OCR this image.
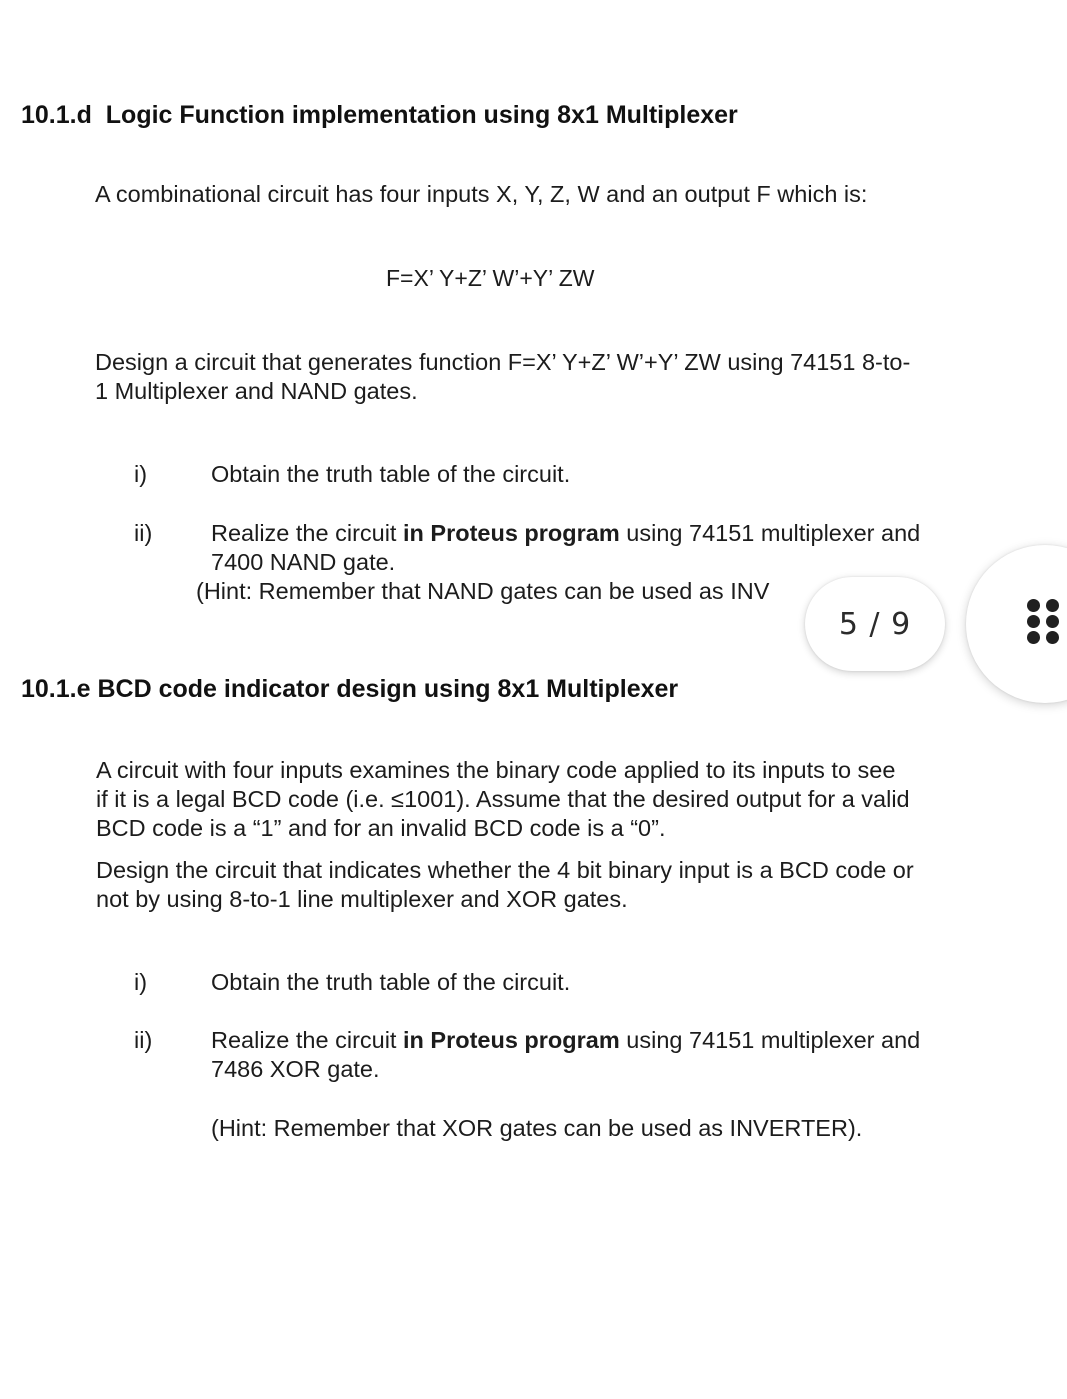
10.1.d Logic Function implementation using 8x1 Multiplexer
A combinational circuit has four inputs X, Y, Z, W and an output F which is:
F=X’ Y+Z’ W’+Y’ ZW
Design a circuit that generates function F=X’ Y+Z’ W’+Y’ ZW using 74151 8-to-
1 Multiplexer and NAND gates.
i)	Obtain the truth table of the circuit.
ii) Realize the circuit in Proteus program using 74151 multiplexer and
7400 NAND gate.
(Hint: Remember that NAND gates can be used as INV
10.1.e BCD code indicator design using 8x1 Multiplexer
A circuit with four inputs examines the binary code applied to its inputs to see
if it is a legal BCD code (i.e. ≤1001). Assume that the desired output for a valid
BCD code is a “1” and for an invalid BCD code is a “0”.
Design the circuit that indicates whether the 4 bit binary input is a BCD code or
not by using 8-to-1 line multiplexer and XOR gates.
i)	Obtain the truth table of the circuit.
ii) Realize the circuit in Proteus program using 74151 multiplexer and
7486 XOR gate.
(Hint: Remember that XOR gates can be used as INVERTER).
5 / 9
